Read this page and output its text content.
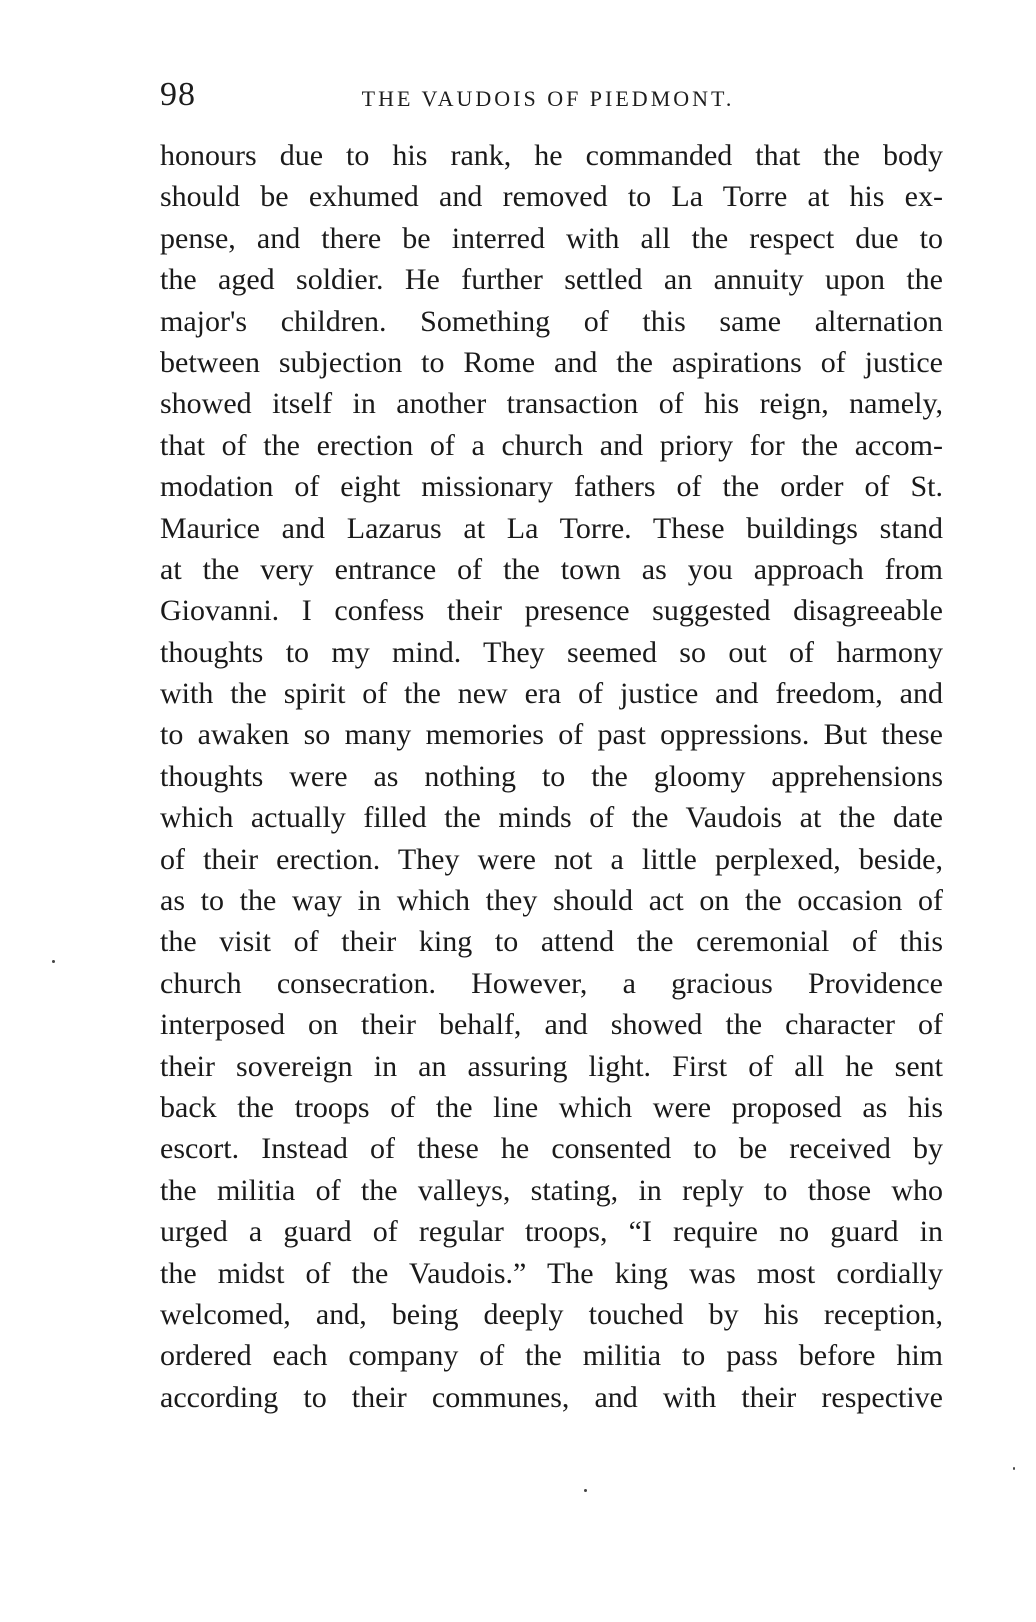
98	THE VAUDOIS OF PIEDMONT.
honours due to his rank, he commanded that the body
should be exhumed and removed to La Torre at his ex-
pense, and there be interred with all the respect due to
the aged soldier. He further settled an annuity upon the
major's children. Something of this same alternation
between subjection to Rome and the aspirations of justice
showed itself in another transaction of his reign, namely,
that of the erection of a church and priory for the accom-
modation of eight missionary fathers of the order of St.
Maurice and Lazarus at La Torre. These buildings stand
at the very entrance of the town as you approach from
Giovanni. I confess their presence suggested disagreeable
thoughts to my mind. They seemed so out of harmony
with the spirit of the new era of justice and freedom, and
to awaken so many memories of past oppressions. But these
thoughts were as nothing to the gloomy apprehensions
which actually filled the minds of the Vaudois at the date
of their erection. They were not a little perplexed, beside,
as to the way in which they should act on the occasion of
the visit of their king to attend the ceremonial of this
church consecration. However, a gracious Providence
interposed on their behalf, and showed the character of
their sovereign in an assuring light. First of all he sent
back the troops of the line which were proposed as his
escort. Instead of these he consented to be received by
the militia of the valleys, stating, in reply to those who
urged a guard of regular troops, “I require no guard in
the midst of the Vaudois.” The king was most cordially
welcomed, and, being deeply touched by his reception,
ordered each company of the militia to pass before him
according to their communes, and with their respective
